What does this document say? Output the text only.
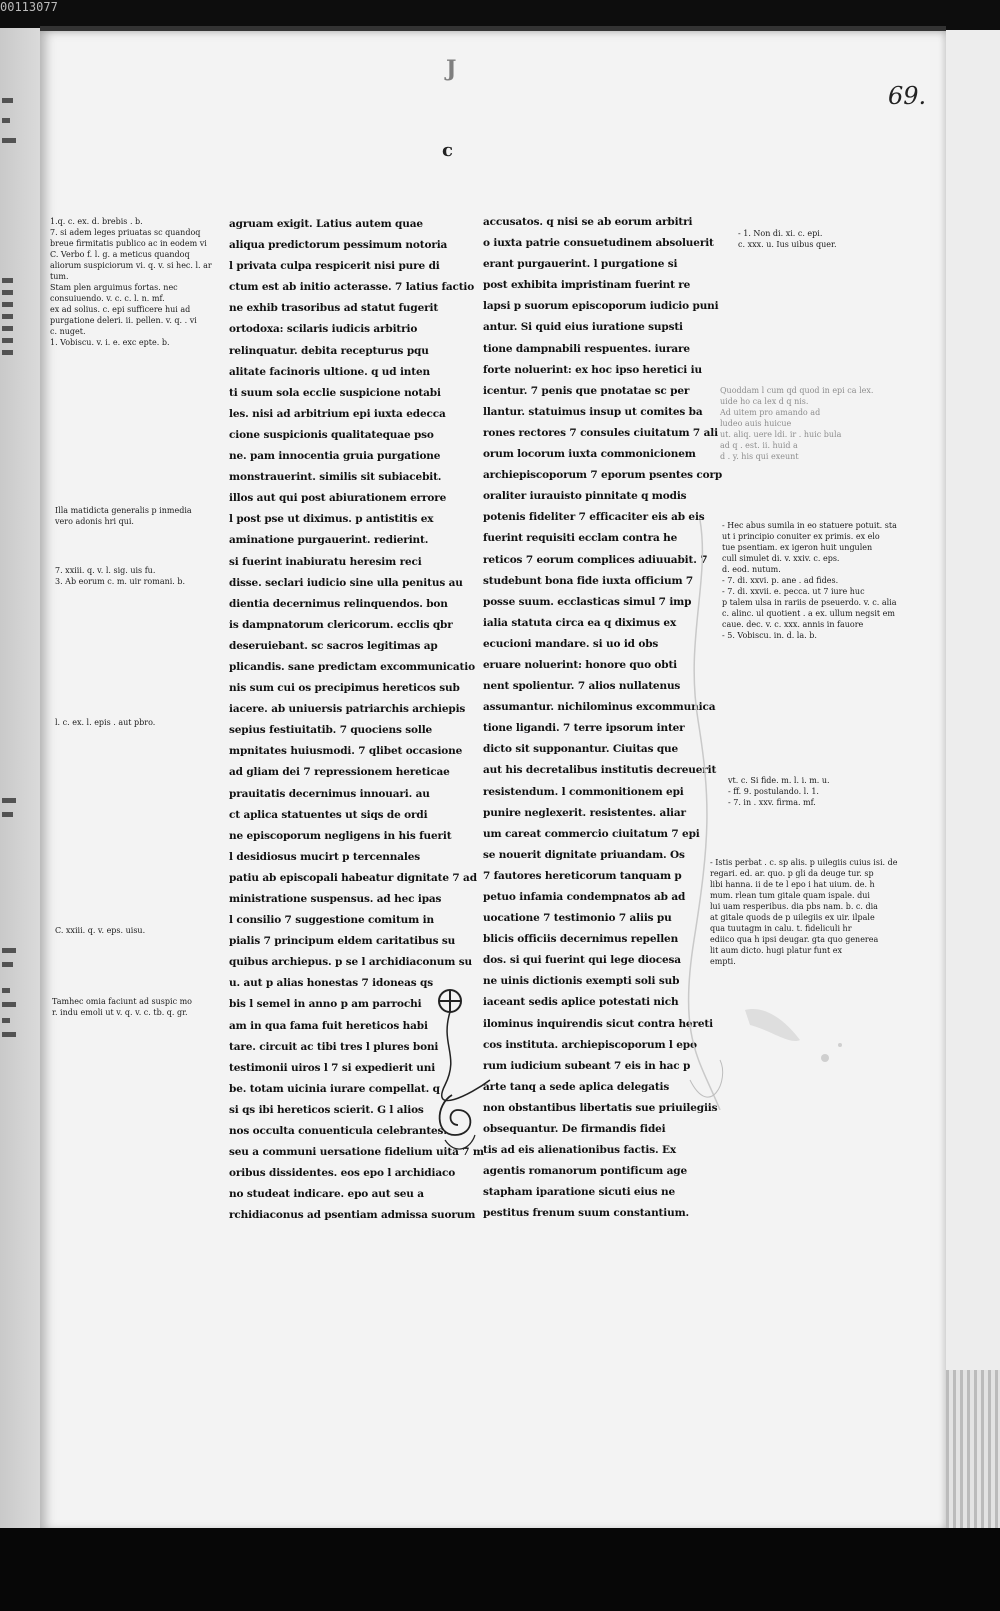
00113077
69.
J
c
Quoddam l cum qd quod in epi ca lex.
uide ho ca lex d q nis.
Ad uitem pro amando ad
ludeo auis huicue
ut. aliq. uere ldi. ir . huic bula
ad q . est. ii. huid a
d . y. his qui exeunt
agruam exigit. Latius autem quae
aliqua predictorum pessimum notoria
l privata culpa respicerit nisi pure di
ctum est ab initio acterasse. 7 latius factio
ne exhib trasoribus ad statut fugerit
ortodoxa: scilaris iudicis arbitrio
relinquatur. debita recepturus pqu
alitate facinoris ultione. q ud inten
ti suum sola ecclie suspicione notabi
les. nisi ad arbitrium epi iuxta edecca
cione suspicionis qualitatequae pso
ne. pam innocentia gruia purgatione
monstrauerint. similis sit subiacebit.
illos aut qui post abiurationem errore
l post pse ut diximus. p antistitis ex
aminatione purgauerint. redierint.
si fuerint inabiuratu heresim reci
disse. seclari iudicio sine ulla penitus au
dientia decernimus relinquendos. bon
is dampnatorum clericorum. ecclis qbr
deseruiebant. sc sacros legitimas ap
plicandis. sane predictam excommunicatio
nis sum cui os precipimus hereticos sub
iacere. ab uniuersis patriarchis archiepis
sepius festiuitatib. 7 quociens solle
mpnitates huiusmodi. 7 qlibet occasione
ad gliam dei 7 repressionem hereticae
prauitatis decernimus innouari. au
ct aplica statuentes ut siqs de ordi
ne episcoporum negligens in his fuerit
l desidiosus mucirt p tercennales
patiu ab episcopali habeatur dignitate 7 ad
ministratione suspensus. ad hec ipas
l consilio 7 suggestione comitum in
pialis 7 principum eldem caritatibus su
quibus archiepus. p se l archidiaconum su
u. aut p alias honestas 7 idoneas qs
bis l semel in anno p am parrochi
am in qua fama fuit hereticos habi
tare. circuit ac tibi tres l plures boni
testimonii uiros l 7 si expedierit uni
be. totam uicinia iurare compellat. q
si qs ibi hereticos scierit. G l alios
nos occulta conuenticula celebrantes.
seu a communi uersatione fidelium uita 7 m
oribus dissidentes. eos epo l archidiaco
no studeat indicare. epo aut seu a
rchidiaconus ad psentiam admissa suorum
accusatos. q nisi se ab eorum arbitri
o iuxta patrie consuetudinem absoluerit
erant purgauerint. l purgatione si
post exhibita impristinam fuerint re
lapsi p suorum episcoporum iudicio puni
antur. Si quid eius iuratione supsti
tione dampnabili respuentes. iurare
forte noluerint: ex hoc ipso heretici iu
icentur. 7 penis que pnotatae sc per
llantur. statuimus insup ut comites ba
rones rectores 7 consules ciuitatum 7 ali
orum locorum iuxta commonicionem
archiepiscoporum 7 eporum psentes corp
oraliter iurauisto pinnitate q modis
potenis fideliter 7 efficaciter eis ab eis
fuerint requisiti ecclam contra he
reticos 7 eorum complices adiuuabit. 7
studebunt bona fide iuxta officium 7
posse suum. ecclasticas simul 7 imp
ialia statuta circa ea q diximus ex
ecucioni mandare. si uo id obs
eruare noluerint: honore quo obti
nent spolientur. 7 alios nullatenus
assumantur. nichilominus excommunica
tione ligandi. 7 terre ipsorum inter
dicto sit supponantur. Ciuitas que
aut his decretalibus institutis decreuerit
resistendum. l commonitionem epi
punire neglexerit. resistentes. aliar
um careat commercio ciuitatum 7 epi
se nouerit dignitate priuandam. Os
7 fautores hereticorum tanquam p
petuo infamia condempnatos ab ad
uocatione 7 testimonio 7 aliis pu
blicis officiis decernimus repellen
dos. si qui fuerint qui lege diocesa
ne uinis dictionis exempti soli sub
iaceant sedis aplice potestati nich
ilominus inquirendis sicut contra hereti
cos instituta. archiepiscoporum l epo
rum iudicium subeant 7 eis in hac p
arte tanq a sede aplica delegatis
non obstantibus libertatis sue priuilegiis
obsequantur. De firmandis fidei
tis ad eis alienationibus factis. Ex
agentis romanorum pontificum age
stapham iparatione sicuti eius ne
pestitus frenum suum constantium.
1.q. c. ex. d. brebis . b.
7. si adem leges priuatas sc quandoq
breue firmitatis publico ac in eodem vi
C. Verbo f. l. g. a meticus quandoq
aliorum suspiciorum vi. q. v. si hec. l. ar
tum.
Stam plen arguimus fortas. nec
consuiuendo. v. c. c. l. n. mf.
ex ad solius. c. epi sufficere hui ad
purgatione deleri. ii. pellen. v. q. . vi
c. nuget.
1. Vobiscu. v. i. e. exc epte. b.
Illa matidicta generalis p inmedia
vero adonis hri qui.
7. xxiii. q. v. l. sig. uis fu.
3. Ab eorum c. m. uir romani. b.
l. c. ex. l. epis . aut pbro.
C. xxiii. q. v. eps. uisu.
Tamhec omia faciunt ad suspic mo
r. indu emoli ut v. q. v. c. tb. q. gr.
- 1. Non di. xi. c. epi.
c. xxx. u. Ius uibus quer.
- Hec abus sumila in eo statuere potuit. sta
ut i principio conuiter ex primis. ex elo
tue psentiam. ex igeron huit ungulen
cull simulet di. v. xxiv. c. eps.
d. eod. nutum.
- 7. di. xxvi. p. ane . ad fides.
- 7. di. xxvii. e. pecca. ut 7 iure huc
p talem ulsa in rariis de pseuerdo. v. c. alia
c. alinc. ul quotient . a ex. ullum negsit em
caue. dec. v. c. xxx. annis in fauore
- 5. Vobiscu. in. d. la. b.
vt. c. Si fide. m. l. i. m. u.
- ff. 9. postulando. l. 1.
- 7. in . xxv. firma. mf.
- Istis perbat . c. sp alis. p uilegiis cuius isi. de
regari. ed. ar. quo. p gli da deuge tur. sp
libi hanna. ii de te l epo i hat uium. de. h
mum. rlean tum gitale quam ispale. dui
lui uam resperibus. dia pbs nam. b. c. dia
at gitale quods de p uilegiis ex uir. ilpale
qua tuutagm in calu. t. fideliculi hr
ediico qua h ipsi deugar. gta quo generea
lit aum dicto. hugi platur funt ex
empti.
